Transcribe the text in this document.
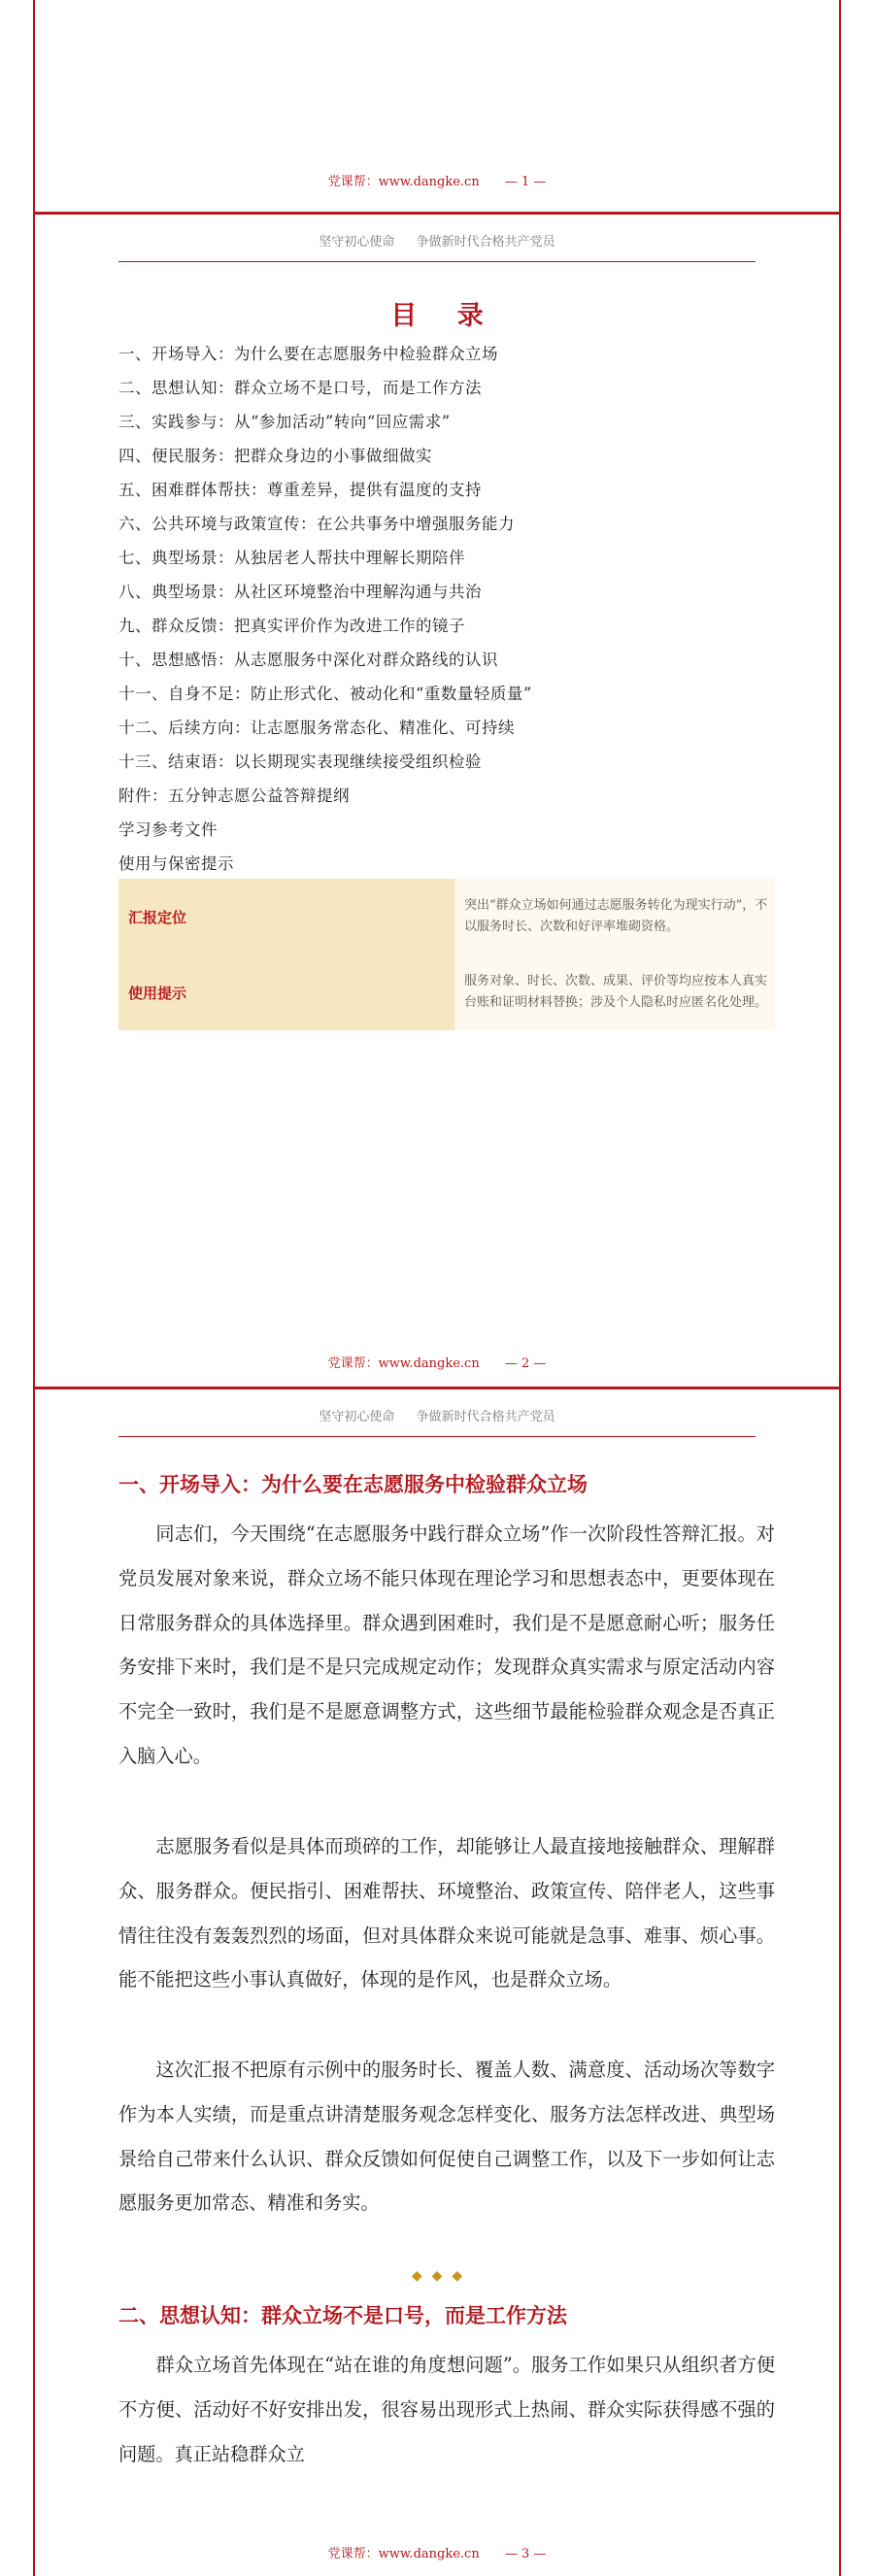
党课帮：www.dangke.cn — 1 —
坚守初心使命 争做新时代合格共产党员
目 录
一、开场导入：为什么要在志愿服务中检验群众立场
二、思想认知：群众立场不是口号，而是工作方法
三、实践参与：从“参加活动”转向“回应需求”
四、便民服务：把群众身边的小事做细做实
五、困难群体帮扶：尊重差异，提供有温度的支持
六、公共环境与政策宣传：在公共事务中增强服务能力
七、典型场景：从独居老人帮扶中理解长期陪伴
八、典型场景：从社区环境整治中理解沟通与共治
九、群众反馈：把真实评价作为改进工作的镜子
十、思想感悟：从志愿服务中深化对群众路线的认识
十一、自身不足：防止形式化、被动化和“重数量轻质量”
十二、后续方向：让志愿服务常态化、精准化、可持续
十三、结束语：以长期现实表现继续接受组织检验
附件：五分钟志愿公益答辩提纲
学习参考文件
使用与保密提示
汇报定位	突出“群众立场如何通过志愿服务转化为现实行动”，不以服务时长、次数和好评率堆砌资格。
使用提示	服务对象、时长、次数、成果、评价等均应按本人真实台账和证明材料替换；涉及个人隐私时应匿名化处理。
党课帮：www.dangke.cn — 2 —
坚守初心使命 争做新时代合格共产党员
一、开场导入：为什么要在志愿服务中检验群众立场

同志们，今天围绕“在志愿服务中践行群众立场”作一次阶段性答辩汇报。对党员发展对象来说，群众立场不能只体现在理论学习和思想表态中，更要体现在日常服务群众的具体选择里。群众遇到困难时，我们是不是愿意耐心听；服务任务安排下来时，我们是不是只完成规定动作；发现群众真实需求与原定活动内容不完全一致时，我们是不是愿意调整方式，这些细节最能检验群众观念是否真正入脑入心。

志愿服务看似是具体而琐碎的工作，却能够让人最直接地接触群众、理解群众、服务群众。便民指引、困难帮扶、环境整治、政策宣传、陪伴老人，这些事情往往没有轰轰烈烈的场面，但对具体群众来说可能就是急事、难事、烦心事。能不能把这些小事认真做好，体现的是作风，也是群众立场。

这次汇报不把原有示例中的服务时长、覆盖人数、满意度、活动场次等数字作为本人实绩，而是重点讲清楚服务观念怎样变化、服务方法怎样改进、典型场景给自己带来什么认识、群众反馈如何促使自己调整工作，以及下一步如何让志愿服务更加常态、精准和务实。

◆◆◆
二、思想认知：群众立场不是口号，而是工作方法

群众立场首先体现在“站在谁的角度想问题”。服务工作如果只从组织者方便不方便、活动好不好安排出发，很容易出现形式上热闹、群众实际获得感不强的问题。真正站稳群众立

党课帮：www.dangke.cn — 3 —
